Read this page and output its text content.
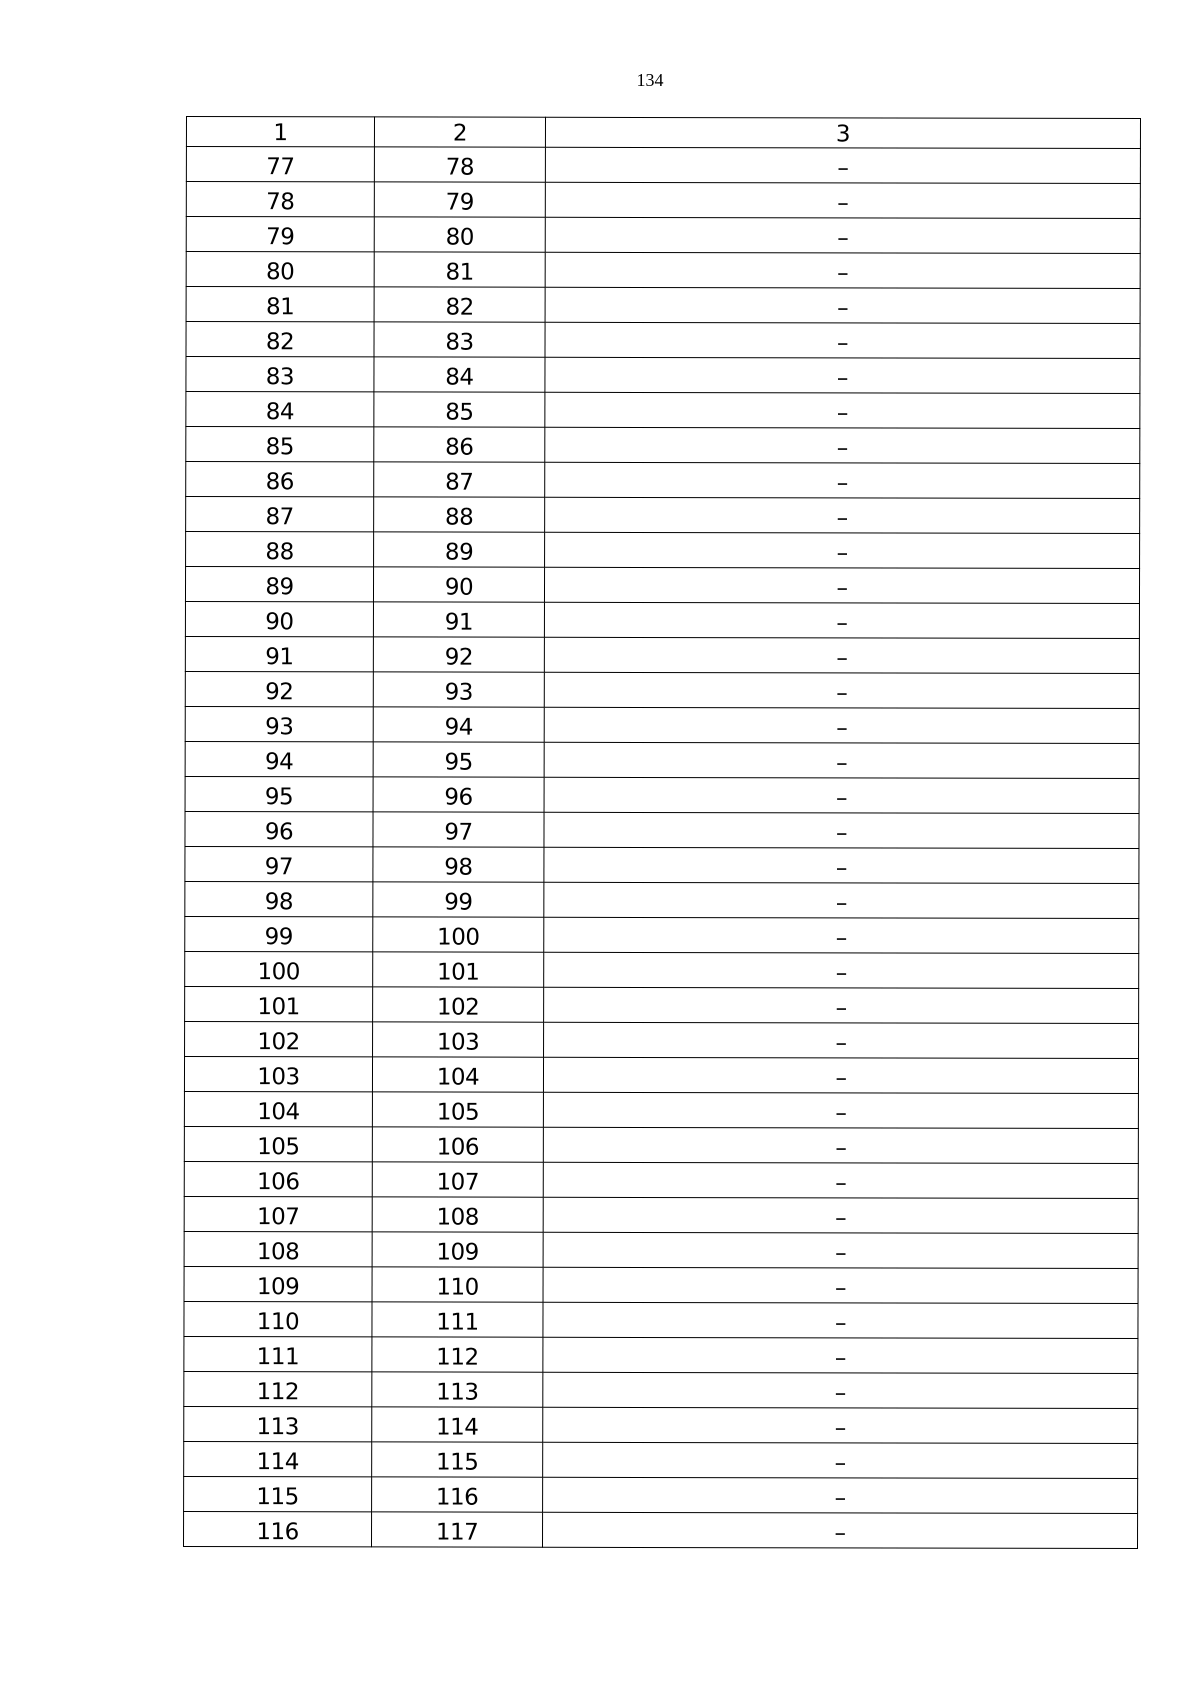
134
1	2	3
77	78	–
78	79	–
79	80	–
80	81	–
81	82	–
82	83	–
83	84	–
84	85	–
85	86	–
86	87	–
87	88	–
88	89	–
89	90	–
90	91	–
91	92	–
92	93	–
93	94	–
94	95	–
95	96	–
96	97	–
97	98	–
98	99	–
99	100	–
100	101	–
101	102	–
102	103	–
103	104	–
104	105	–
105	106	–
106	107	–
107	108	–
108	109	–
109	110	–
110	111	–
111	112	–
112	113	–
113	114	–
114	115	–
115	116	–
116	117	–
